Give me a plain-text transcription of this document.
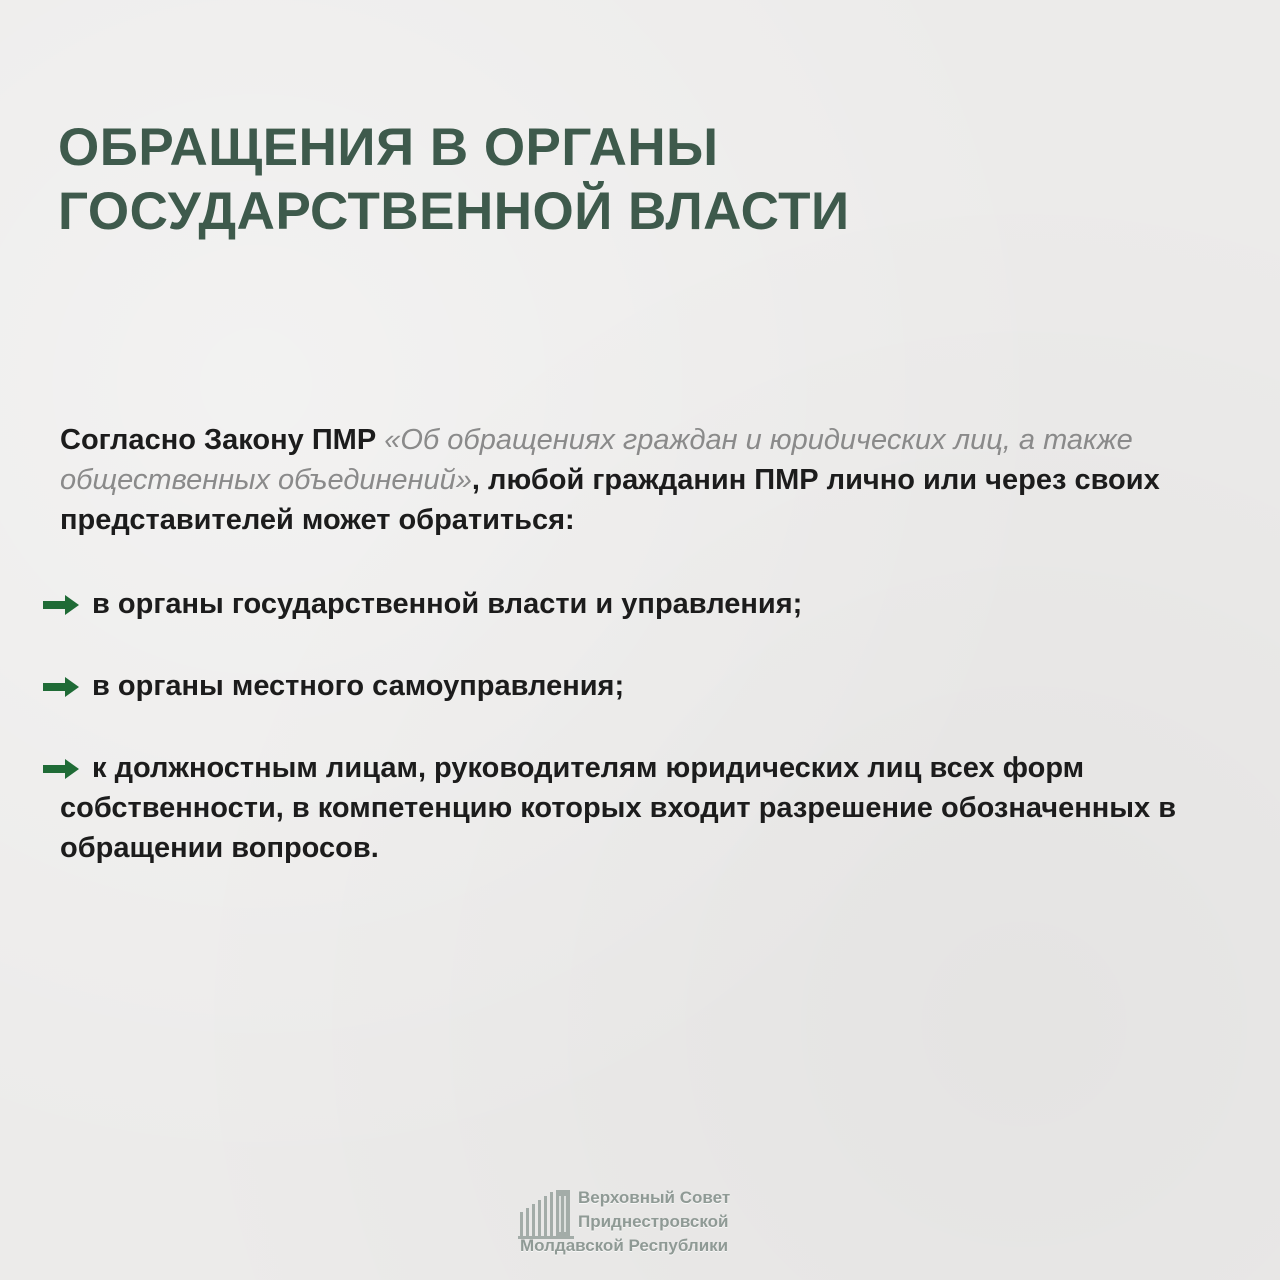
ОБРАЩЕНИЯ В ОРГАНЫ ГОСУДАРСТВЕННОЙ ВЛАСТИ

Согласно Закону ПМР «Об обращениях граждан и юридических лиц, а также общественных объединений», любой гражданин ПМР лично или через своих представителей может обратиться:

в органы государственной власти и управления;
в органы местного самоуправления;
к должностным лицам, руководителям юридических лиц всех форм собственности, в компетенцию которых входит разрешение обозначенных в обращении вопросов.
Верховный Совет
Приднестровской
Молдавской Республики
